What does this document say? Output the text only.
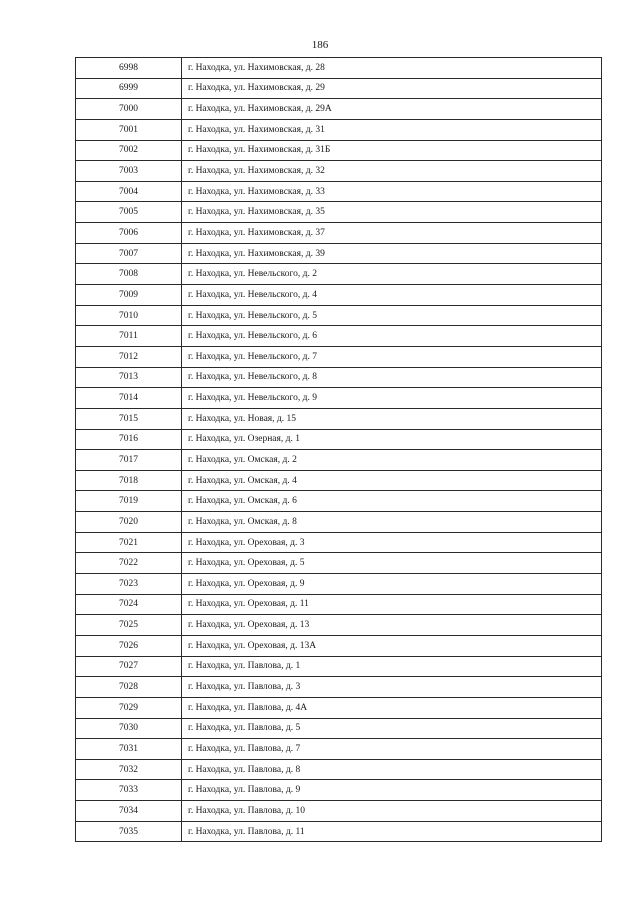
186
6998	г. Находка, ул. Нахимовская, д. 28
6999	г. Находка, ул. Нахимовская, д. 29
7000	г. Находка, ул. Нахимовская, д. 29А
7001	г. Находка, ул. Нахимовская, д. 31
7002	г. Находка, ул. Нахимовская, д. 31Б
7003	г. Находка, ул. Нахимовская, д. 32
7004	г. Находка, ул. Нахимовская, д. 33
7005	г. Находка, ул. Нахимовская, д. 35
7006	г. Находка, ул. Нахимовская, д. 37
7007	г. Находка, ул. Нахимовская, д. 39
7008	г. Находка, ул. Невельского, д. 2
7009	г. Находка, ул. Невельского, д. 4
7010	г. Находка, ул. Невельского, д. 5
7011	г. Находка, ул. Невельского, д. 6
7012	г. Находка, ул. Невельского, д. 7
7013	г. Находка, ул. Невельского, д. 8
7014	г. Находка, ул. Невельского, д. 9
7015	г. Находка, ул. Новая, д. 15
7016	г. Находка, ул. Озерная, д. 1
7017	г. Находка, ул. Омская, д. 2
7018	г. Находка, ул. Омская, д. 4
7019	г. Находка, ул. Омская, д. 6
7020	г. Находка, ул. Омская, д. 8
7021	г. Находка, ул. Ореховая, д. 3
7022	г. Находка, ул. Ореховая, д. 5
7023	г. Находка, ул. Ореховая, д. 9
7024	г. Находка, ул. Ореховая, д. 11
7025	г. Находка, ул. Ореховая, д. 13
7026	г. Находка, ул. Ореховая, д. 13А
7027	г. Находка, ул. Павлова, д. 1
7028	г. Находка, ул. Павлова, д. 3
7029	г. Находка, ул. Павлова, д. 4А
7030	г. Находка, ул. Павлова, д. 5
7031	г. Находка, ул. Павлова, д. 7
7032	г. Находка, ул. Павлова, д. 8
7033	г. Находка, ул. Павлова, д. 9
7034	г. Находка, ул. Павлова, д. 10
7035	г. Находка, ул. Павлова, д. 11
